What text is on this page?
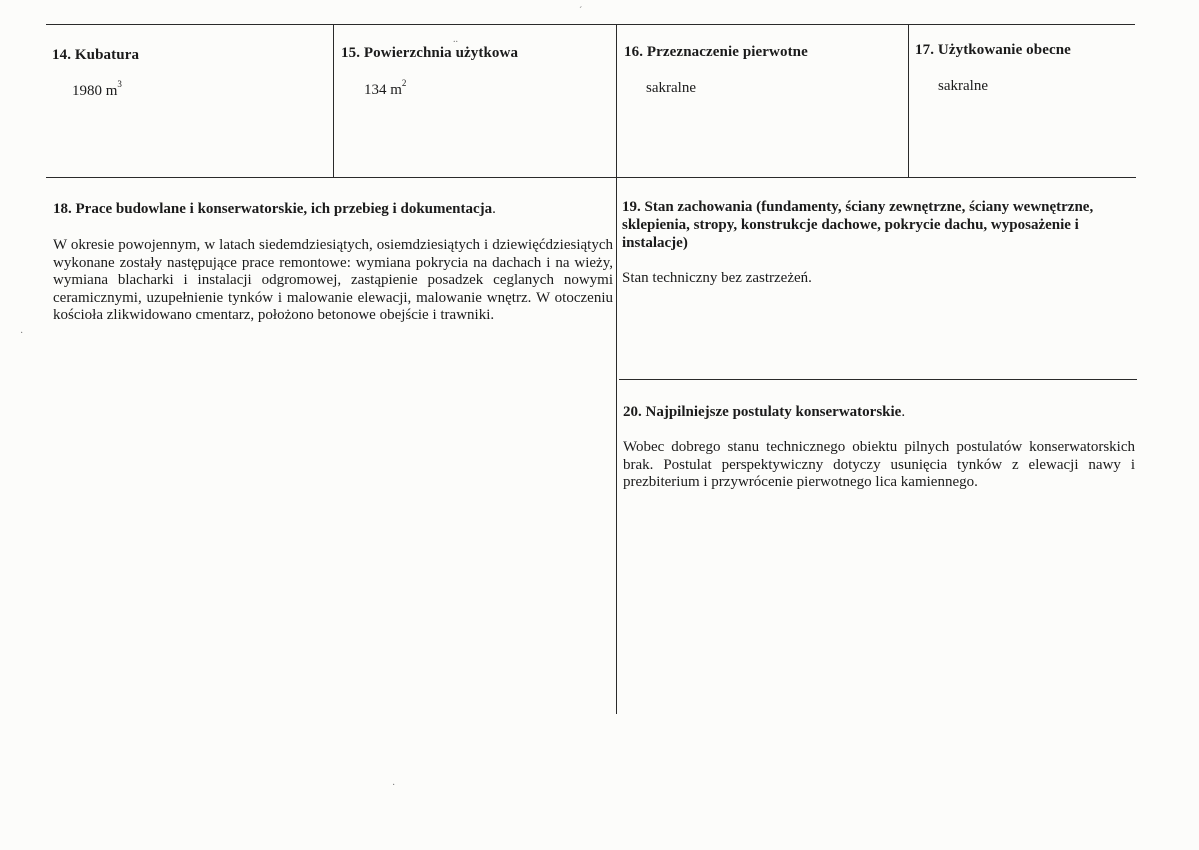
14. Kubatura
1980 $m^3$
15. Powierzchnia użytkowa
134 $m^2$
16. Przeznaczenie pierwotne
sakralne
17. Użytkowanie obecne
sakralne
18. Prace budowlane i konserwatorskie, ich przebieg i dokumentacja.
W okresie powojennym, w latach siedemdziesiątych, osiemdziesiątych i dziewięćdziesiątych wykonane zostały następujące prace remontowe: wymiana pokrycia na dachach i na wieży, wymiana blacharki i instalacji odgromowej, zastąpienie posadzek ceglanych nowymi ceramicznymi, uzupełnienie tynków i malowanie elewacji, malowanie wnętrz. W otoczeniu kościoła zlikwidowano cmentarz, położono betonowe obejście i trawniki.
19. Stan zachowania (fundamenty, ściany zewnętrzne, ściany wewnętrzne, sklepienia, stropy, konstrukcje dachowe, pokrycie dachu, wyposażenie i instalacje)
Stan techniczny bez zastrzeżeń.
20. Najpilniejsze postulaty konserwatorskie.
Wobec dobrego stanu technicznego obiektu pilnych postulatów konserwatorskich brak. Postulat perspektywiczny dotyczy usunięcia tynków z elewacji nawy i prezbiterium i przywrócenie pierwotnego lica kamiennego.
ˊ
..
·
·
